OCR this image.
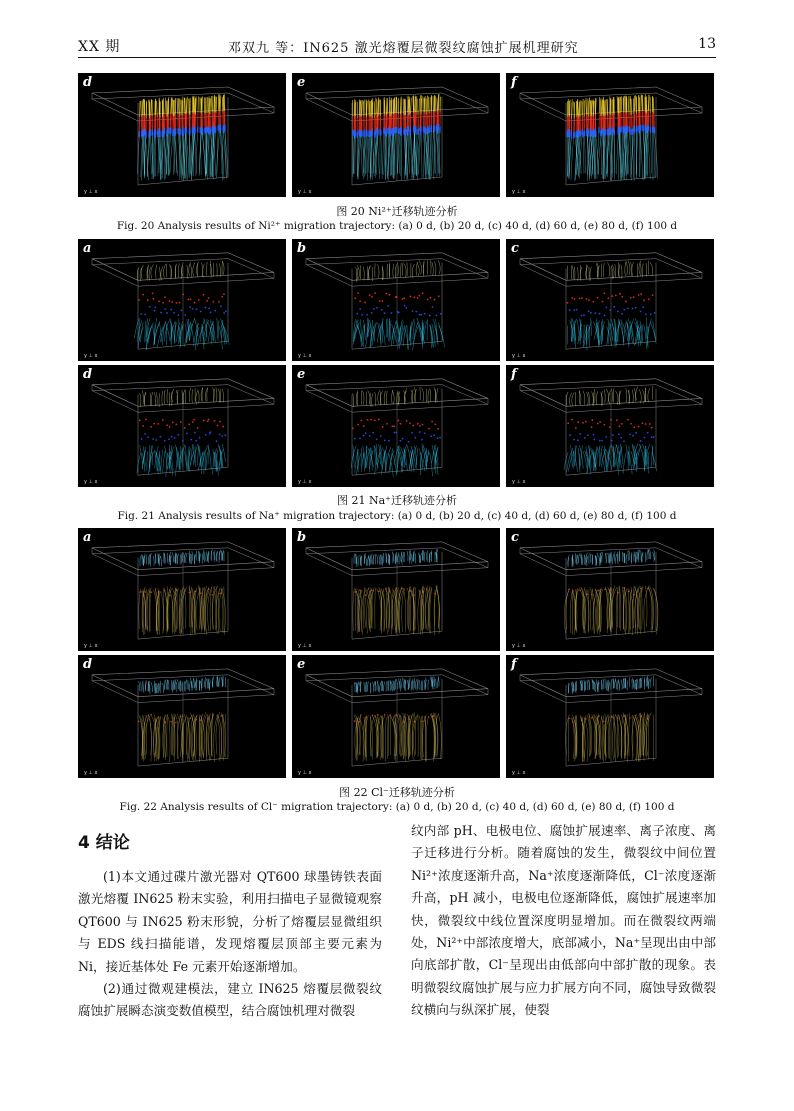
XX 期	邓双九 等：IN625 激光熔覆层微裂纹腐蚀扩展机理研究	13
d
y ⊥ x
e
y ⊥ x
f
y ⊥ x
图 20 Ni²⁺迁移轨迹分析
Fig. 20 Analysis results of Ni²⁺ migration trajectory: (a) 0 d, (b) 20 d, (c) 40 d, (d) 60 d, (e) 80 d, (f) 100 d
a
y ⊥ x
b
y ⊥ x
c
y ⊥ x
d
y ⊥ x
e
y ⊥ x
f
y ⊥ x
图 21 Na⁺迁移轨迹分析
Fig. 21 Analysis results of Na⁺ migration trajectory: (a) 0 d, (b) 20 d, (c) 40 d, (d) 60 d, (e) 80 d, (f) 100 d
a
y ⊥ x
b
y ⊥ x
c
y ⊥ x
d
y ⊥ x
e
y ⊥ x
f
y ⊥ x
图 22 Cl⁻迁移轨迹分析
Fig. 22 Analysis results of Cl⁻ migration trajectory: (a) 0 d, (b) 20 d, (c) 40 d, (d) 60 d, (e) 80 d, (f) 100 d
4 结论

(1)本文通过碟片激光器对 QT600 球墨铸铁表面激光熔覆 IN625 粉末实验，利用扫描电子显微镜观察 QT600 与 IN625 粉末形貌，分析了熔覆层显微组织与 EDS 线扫描能谱，发现熔覆层顶部主要元素为 Ni，接近基体处 Fe 元素开始逐渐增加。

(2)通过微观建模法，建立 IN625 熔覆层微裂纹腐蚀扩展瞬态演变数值模型，结合腐蚀机理对微裂

纹内部 pH、电极电位、腐蚀扩展速率、离子浓度、离子迁移进行分析。随着腐蚀的发生，微裂纹中间位置 Ni²⁺浓度逐渐升高，Na⁺浓度逐渐降低，Cl⁻浓度逐渐升高，pH 减小，电极电位逐渐降低，腐蚀扩展速率加快，微裂纹中线位置深度明显增加。而在微裂纹两端处，Ni²⁺中部浓度增大，底部减小，Na⁺呈现出由中部向底部扩散，Cl⁻呈现出由低部向中部扩散的现象。表明微裂纹腐蚀扩展与应力扩展方向不同，腐蚀导致微裂纹横向与纵深扩展，使裂
